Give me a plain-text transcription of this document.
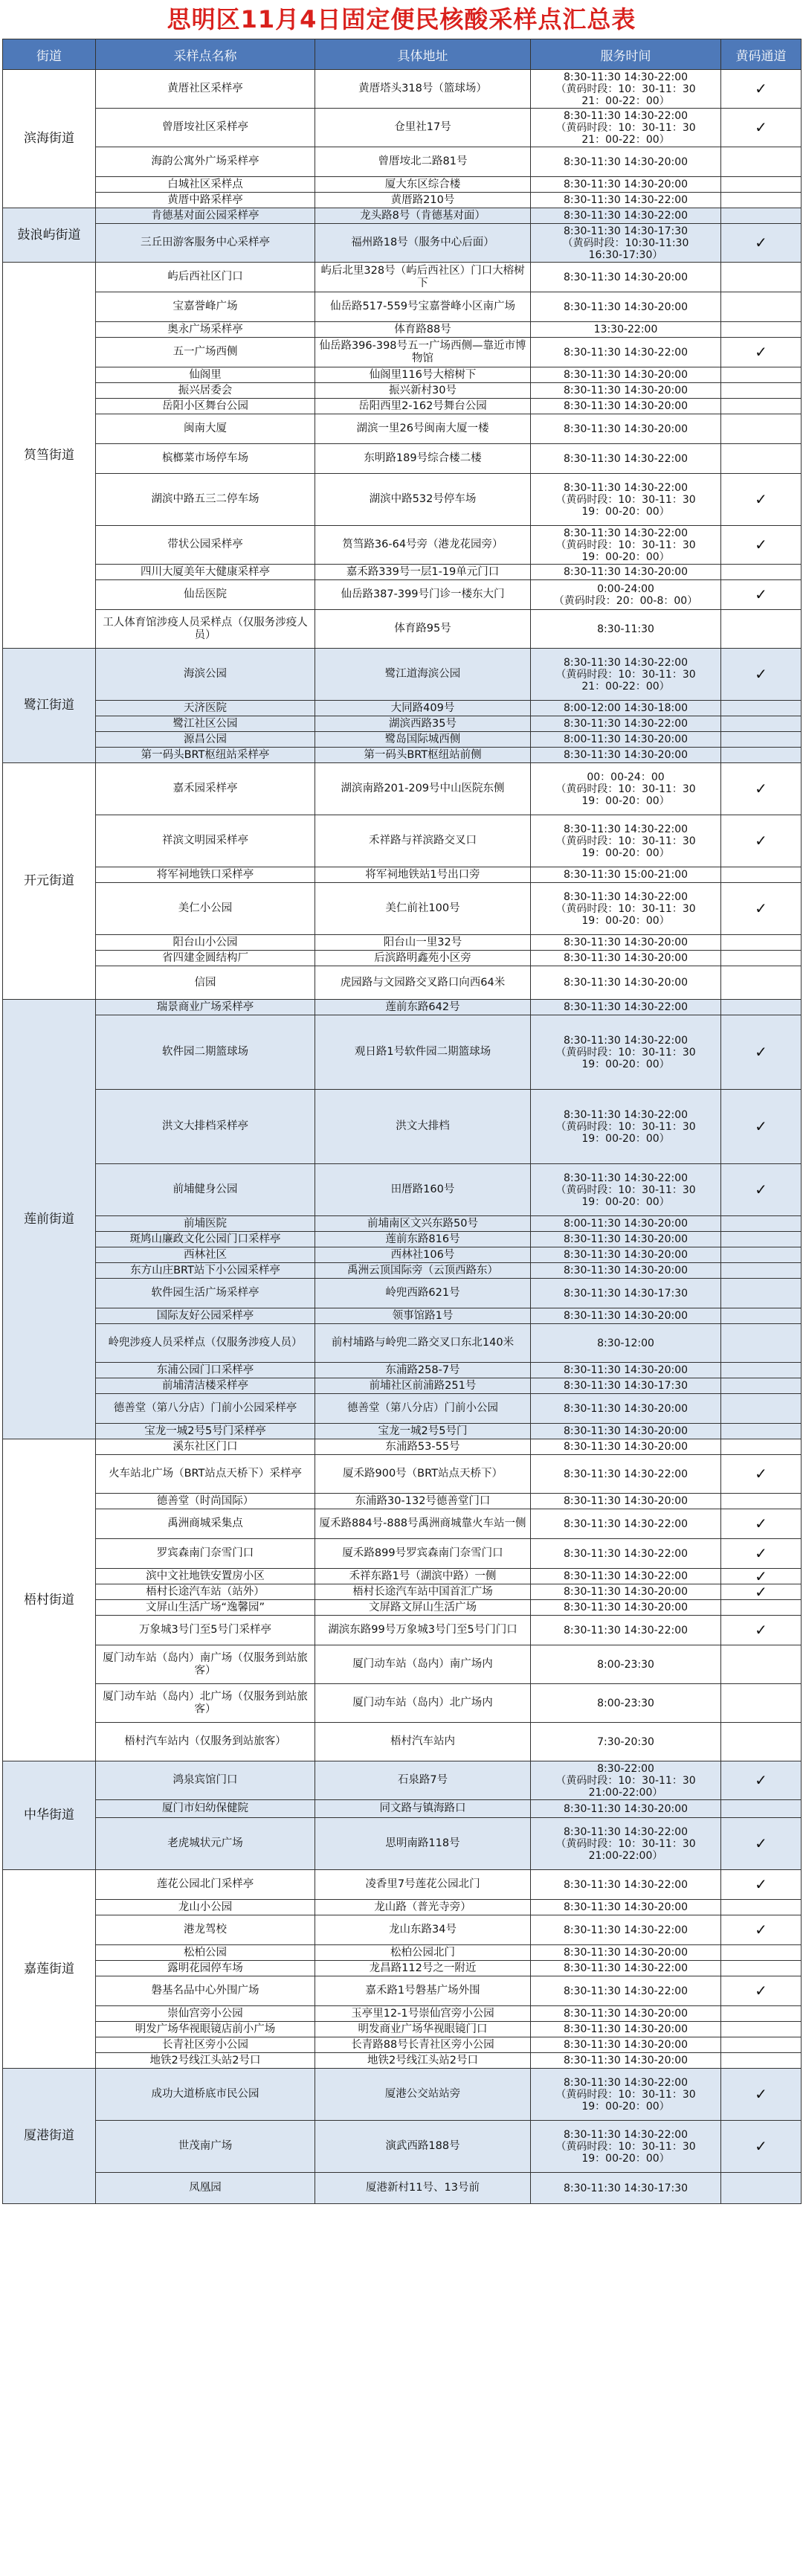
思明区11月4日固定便民核酸采样点汇总表
街道	采样点名称	具体地址	服务时间	黄码通道
滨海街道	黄厝社区采样亭	黄厝塔头318号（篮球场）	8:30-11:30 14:30-22:00
（黄码时段：10：30-11：30
21：00-22：00）	✓
	曾厝垵社区采样亭	仓里社17号	8:30-11:30 14:30-22:00
（黄码时段：10：30-11：30
21：00-22：00）	✓
	海韵公寓外广场采样亭	曾厝垵北二路81号	8:30-11:30 14:30-20:00	
	白城社区采样点	厦大东区综合楼	8:30-11:30 14:30-20:00	
	黄厝中路采样亭	黄厝路210号	8:30-11:30 14:30-22:00	
鼓浪屿街道	肯德基对面公园采样亭	龙头路8号（肯德基对面）	8:30-11:30 14:30-22:00	
	三丘田游客服务中心采样亭	福州路18号（服务中心后面）	8:30-11:30 14:30-17:30
（黄码时段：10:30-11:30
16:30-17:30）	✓
筼筜街道	屿后西社区门口	屿后北里328号（屿后西社区）门口大榕树下	8:30-11:30 14:30-20:00	
	宝嘉誉峰广场	仙岳路517-559号宝嘉誉峰小区南广场	8:30-11:30 14:30-20:00	
	奥永广场采样亭	体育路88号	13:30-22:00	
	五一广场西侧	仙岳路396-398号五一广场西侧—靠近市博物馆	8:30-11:30 14:30-22:00	✓
	仙阁里	仙阁里116号大榕树下	8:30-11:30 14:30-20:00	
	振兴居委会	振兴新村30号	8:30-11:30 14:30-20:00	
	岳阳小区舞台公园	岳阳西里2-162号舞台公园	8:30-11:30 14:30-20:00	
	闽南大厦	湖滨一里26号闽南大厦一楼	8:30-11:30 14:30-20:00	
	槟榔菜市场停车场	东明路189号综合楼二楼	8:30-11:30 14:30-22:00	
	湖滨中路五三二停车场	湖滨中路532号停车场	8:30-11:30 14:30-22:00
（黄码时段：10：30-11：30
19：00-20：00）	✓
	带状公园采样亭	筼筜路36-64号旁（港龙花园旁）	8:30-11:30 14:30-22:00
（黄码时段：10：30-11：30
19：00-20：00）	✓
	四川大厦美年大健康采样亭	嘉禾路339号一层1-19单元门口	8:30-11:30 14:30-20:00	
	仙岳医院	仙岳路387-399号门诊一楼东大门	0:00-24:00
（黄码时段：20：00-8：00）	✓
	工人体育馆涉疫人员采样点（仅服务涉疫人员）	体育路95号	8:30-11:30	
鹭江街道	海滨公园	鹭江道海滨公园	8:30-11:30 14:30-22:00
（黄码时段：10：30-11：30
21：00-22：00）	✓
	天济医院	大同路409号	8:00-12:00 14:30-18:00	
	鹭江社区公园	湖滨西路35号	8:30-11:30 14:30-22:00	
	源昌公园	鹭岛国际城西侧	8:00-11:30 14:30-20:00	
	第一码头BRT枢纽站采样亭	第一码头BRT枢纽站前侧	8:30-11:30 14:30-20:00	
开元街道	嘉禾园采样亭	湖滨南路201-209号中山医院东侧	00：00-24：00
（黄码时段：10：30-11：30
19：00-20：00）	✓
	祥滨文明园采样亭	禾祥路与祥滨路交叉口	8:30-11:30 14:30-22:00
（黄码时段：10：30-11：30
19：00-20：00）	✓
	将军祠地铁口采样亭	将军祠地铁站1号出口旁	8:30-11:30 15:00-21:00	
	美仁小公园	美仁前社100号	8:30-11:30 14:30-22:00
（黄码时段：10：30-11：30
19：00-20：00）	✓
	阳台山小公园	阳台山一里32号	8:30-11:30 14:30-20:00	
	省四建金圆结构厂	后滨路明鑫苑小区旁	8:30-11:30 14:30-20:00	
	信园	虎园路与文园路交叉路口向西64米	8:30-11:30 14:30-20:00	
莲前街道	瑞景商业广场采样亭	莲前东路642号	8:30-11:30 14:30-22:00	
	软件园二期篮球场	观日路1号软件园二期篮球场	8:30-11:30 14:30-22:00
（黄码时段：10：30-11：30
19：00-20：00）	✓
	洪文大排档采样亭	洪文大排档	8:30-11:30 14:30-22:00
（黄码时段：10：30-11：30
19：00-20：00）	✓
	前埔健身公园	田厝路160号	8:30-11:30 14:30-22:00
（黄码时段：10：30-11：30
19：00-20：00）	✓
	前埔医院	前埔南区文兴东路50号	8:00-11:30 14:30-20:00	
	斑鸠山廉政文化公园门口采样亭	莲前东路816号	8:30-11:30 14:30-20:00	
	西林社区	西林社106号	8:30-11:30 14:30-20:00	
	东方山庄BRT站下小公园采样亭	禹洲云顶国际旁（云顶西路东）	8:30-11:30 14:30-20:00	
	软件园生活广场采样亭	岭兜西路621号	8:30-11:30 14:30-17:30	
	国际友好公园采样亭	领事馆路1号	8:30-11:30 14:30-20:00	
	岭兜涉疫人员采样点（仅服务涉疫人员）	前村埔路与岭兜二路交叉口东北140米	8:30-12:00	
	东浦公园门口采样亭	东浦路258-7号	8:30-11:30 14:30-20:00	
	前埔清洁楼采样亭	前埔社区前浦路251号	8:30-11:30 14:30-17:30	
	德善堂（第八分店）门前小公园采样亭	德善堂（第八分店）门前小公园	8:30-11:30 14:30-20:00	
	宝龙一城2号5号门采样亭	宝龙一城2号5号门	8:30-11:30 14:30-20:00	
梧村街道	溪东社区门口	东浦路53-55号	8:30-11:30 14:30-20:00	
	火车站北广场（BRT站点天桥下）采样亭	厦禾路900号（BRT站点天桥下）	8:30-11:30 14:30-22:00	✓
	德善堂（时尚国际）	东浦路30-132号德善堂门口	8:30-11:30 14:30-20:00	
	禹洲商城采集点	厦禾路884号-888号禹洲商城靠火车站一侧	8:30-11:30 14:30-22:00	✓
	罗宾森南门奈雪门口	厦禾路899号罗宾森南门奈雪门口	8:30-11:30 14:30-22:00	✓
	滨中文社地铁安置房小区	禾祥东路1号（湖滨中路）一侧	8:30-11:30 14:30-22:00	✓
	梧村长途汽车站（站外）	梧村长途汽车站中国首汇广场	8:30-11:30 14:30-20:00	✓
	文屏山生活广场“逸馨园”	文屏路文屏山生活广场	8:30-11:30 14:30-20:00	
	万象城3号门至5号门采样亭	湖滨东路99号万象城3号门至5号门门口	8:30-11:30 14:30-22:00	✓
	厦门动车站（岛内）南广场（仅服务到站旅客）	厦门动车站（岛内）南广场内	8:00-23:30	
	厦门动车站（岛内）北广场（仅服务到站旅客）	厦门动车站（岛内）北广场内	8:00-23:30	
	梧村汽车站内（仅服务到站旅客）	梧村汽车站内	7:30-20:30	
中华街道	鸿泉宾馆门口	石泉路7号	8:30-22:00
（黄码时段：10：30-11：30
21:00-22:00）	✓
	厦门市妇幼保健院	同文路与镇海路口	8:30-11:30 14:30-20:00	
	老虎城状元广场	思明南路118号	8:30-11:30 14:30-22:00
（黄码时段：10：30-11：30
21:00-22:00）	✓
嘉莲街道	莲花公园北门采样亭	凌香里7号莲花公园北门	8:30-11:30 14:30-22:00	✓
	龙山小公园	龙山路（普光寺旁）	8:30-11:30 14:30-20:00	
	港龙驾校	龙山东路34号	8:30-11:30 14:30-22:00	✓
	松柏公园	松柏公园北门	8:30-11:30 14:30-20:00	
	露明花园停车场	龙昌路112号之一附近	8:30-11:30 14:30-22:00	
	磐基名品中心外围广场	嘉禾路1号磐基广场外围	8:30-11:30 14:30-22:00	✓
	崇仙宫旁小公园	玉亭里12-1号崇仙宫旁小公园	8:30-11:30 14:30-20:00	
	明发广场华视眼镜店前小广场	明发商业广场华视眼镜门口	8:30-11:30 14:30-20:00	
	长青社区旁小公园	长青路88号长青社区旁小公园	8:30-11:30 14:30-20:00	
	地铁2号线江头站2号口	地铁2号线江头站2号口	8:30-11:30 14:30-20:00	
厦港街道	成功大道桥底市民公园	厦港公交站站旁	8:30-11:30 14:30-22:00
（黄码时段：10：30-11：30
19：00-20：00）	✓
	世茂南广场	演武西路188号	8:30-11:30 14:30-22:00
（黄码时段：10：30-11：30
19：00-20：00）	✓
	凤凰园	厦港新村11号、13号前	8:30-11:30 14:30-17:30	
